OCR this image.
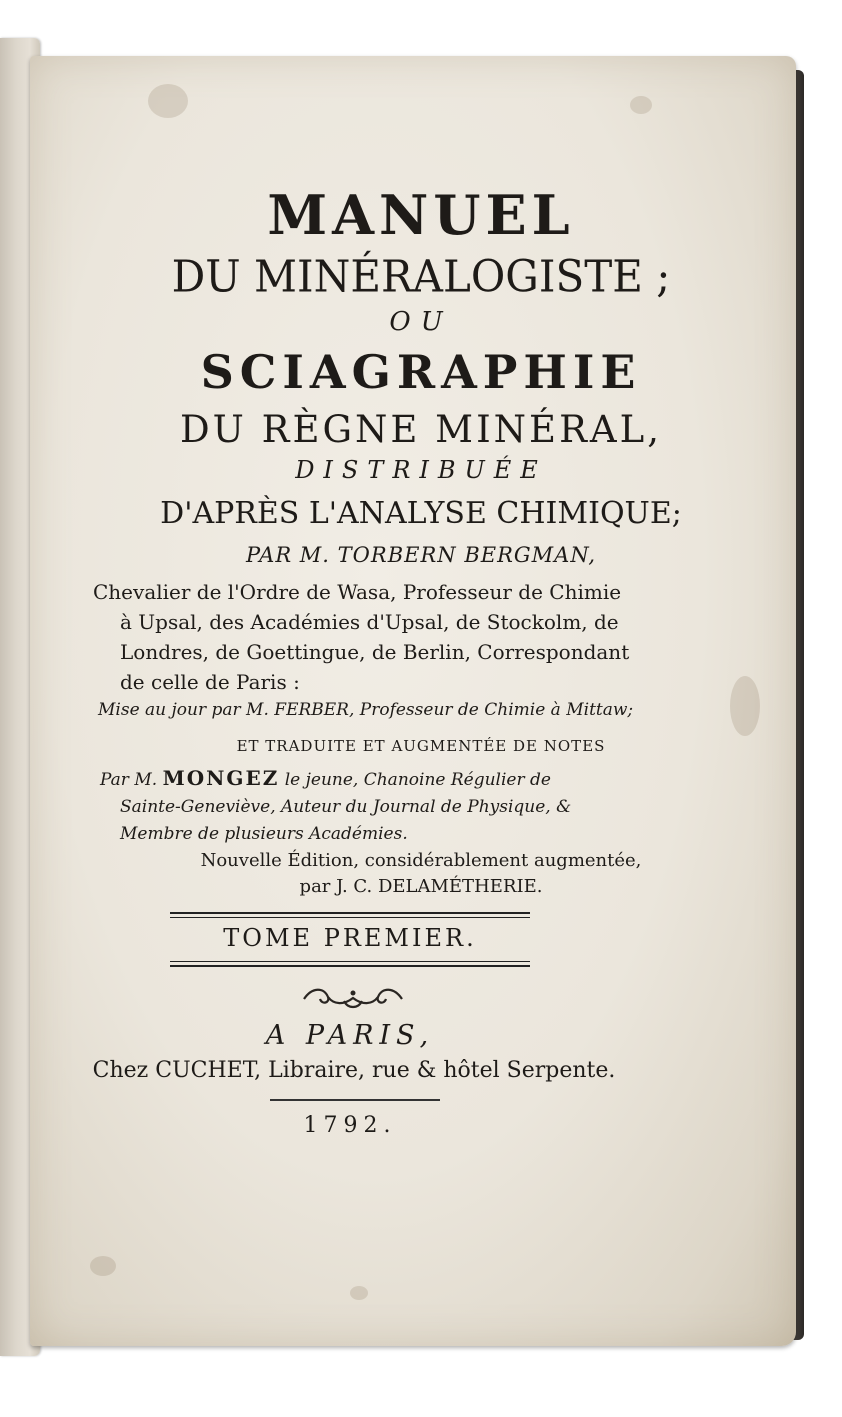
MANUEL

DU MINÉRALOGISTE ;

OU

SCIAGRAPHIE

DU RÈGNE MINÉRAL,

DISTRIBUÉE

D'APRÈS L'ANALYSE CHIMIQUE;

PAR M. TORBERN BERGMAN,

Chevalier de l'Ordre de Wasa, Professeur de Chimie
à Upsal, des Académies d'Upsal, de Stockolm, de
Londres, de Goettingue, de Berlin, Correspondant
de celle de Paris :

Mise au jour par M. FERBER, Professeur de Chimie à Mittaw;

ET TRADUITE ET AUGMENTÉE DE NOTES

Par M. MONGEZ le jeune, Chanoine Régulier de
Sainte-Geneviève, Auteur du Journal de Physique, &
Membre de plusieurs Académies.
Nouvelle Édition, considérablement augmentée,
par J. C. DELAMÉTHERIE.

TOME PREMIER.

A PARIS,

Chez CUCHET, Libraire, rue & hôtel Serpente.

1792.
